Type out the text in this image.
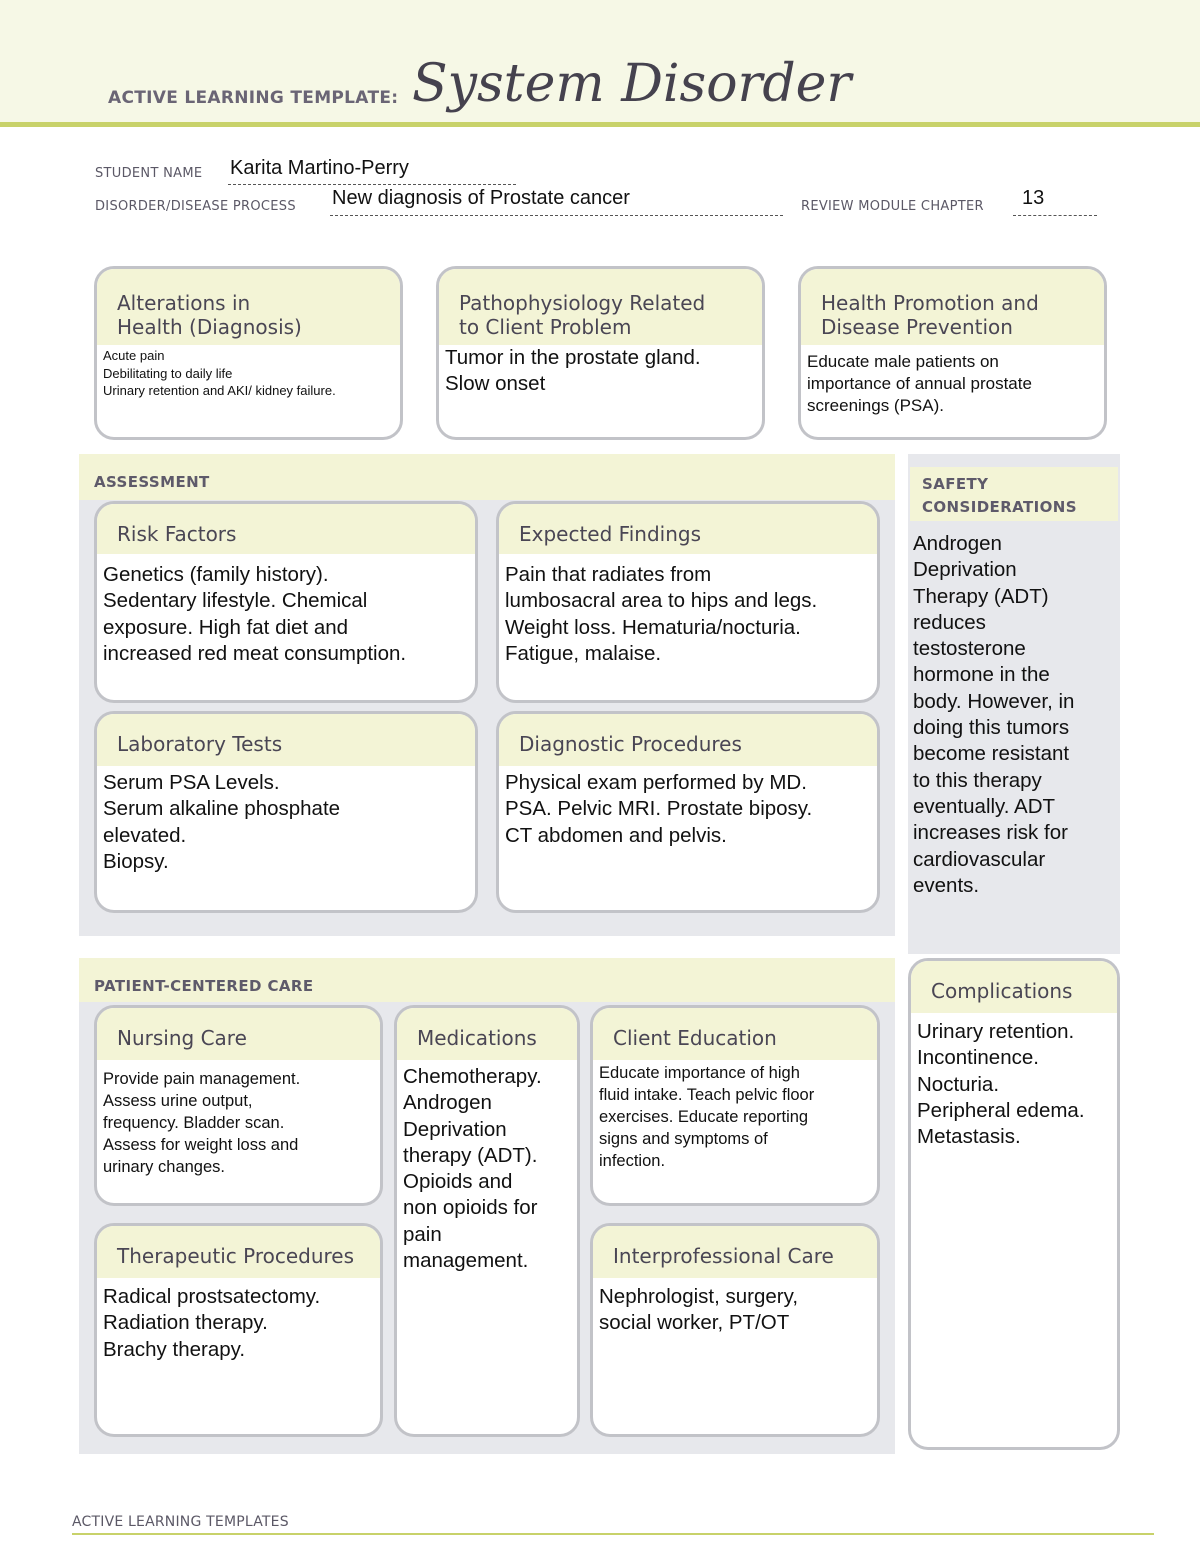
ACTIVE LEARNING TEMPLATE: System Disorder
STUDENT NAME Karita Martino-Perry
DISORDER/DISEASE PROCESS New diagnosis of Prostate cancer	REVIEW MODULE CHAPTER 13
Alterations in
Health (Diagnosis)
Acute pain
Debilitating to daily life
Urinary retention and AKI/ kidney failure.
Pathophysiology Related
to Client Problem
Tumor in the prostate gland.
Slow onset
Health Promotion and
Disease Prevention
Educate male patients on
importance of annual prostate
screenings (PSA).
ASSESSMENT
Risk Factors
Genetics (family history).
Sedentary lifestyle. Chemical
exposure. High fat diet and
increased red meat consumption.
Expected Findings
Pain that radiates from
lumbosacral area to hips and legs.
Weight loss. Hematuria/nocturia.
Fatigue, malaise.
Laboratory Tests
Serum PSA Levels.
Serum alkaline phosphate
elevated.
Biopsy.
Diagnostic Procedures
Physical exam performed by MD.
PSA. Pelvic MRI. Prostate biposy.
CT abdomen and pelvis.
SAFETY
CONSIDERATIONS
Androgen
Deprivation
Therapy (ADT)
reduces
testosterone
hormone in the
body. However, in
doing this tumors
become resistant
to this therapy
eventually. ADT
increases risk for
cardiovascular
events.
PATIENT-CENTERED CARE
Nursing Care
Provide pain management.
Assess urine output,
frequency. Bladder scan.
Assess for weight loss and
urinary changes.
Medications
Chemotherapy.
Androgen
Deprivation
therapy (ADT).
Opioids and
non opioids for
pain
management.
Client Education
Educate importance of high
fluid intake. Teach pelvic floor
exercises. Educate reporting
signs and symptoms of
infection.
Therapeutic Procedures
Radical prostsatectomy.
Radiation therapy.
Brachy therapy.
Interprofessional Care
Nephrologist, surgery,
social worker, PT/OT
Complications
Urinary retention.
Incontinence.
Nocturia.
Peripheral edema.
Metastasis.
ACTIVE LEARNING TEMPLATES
